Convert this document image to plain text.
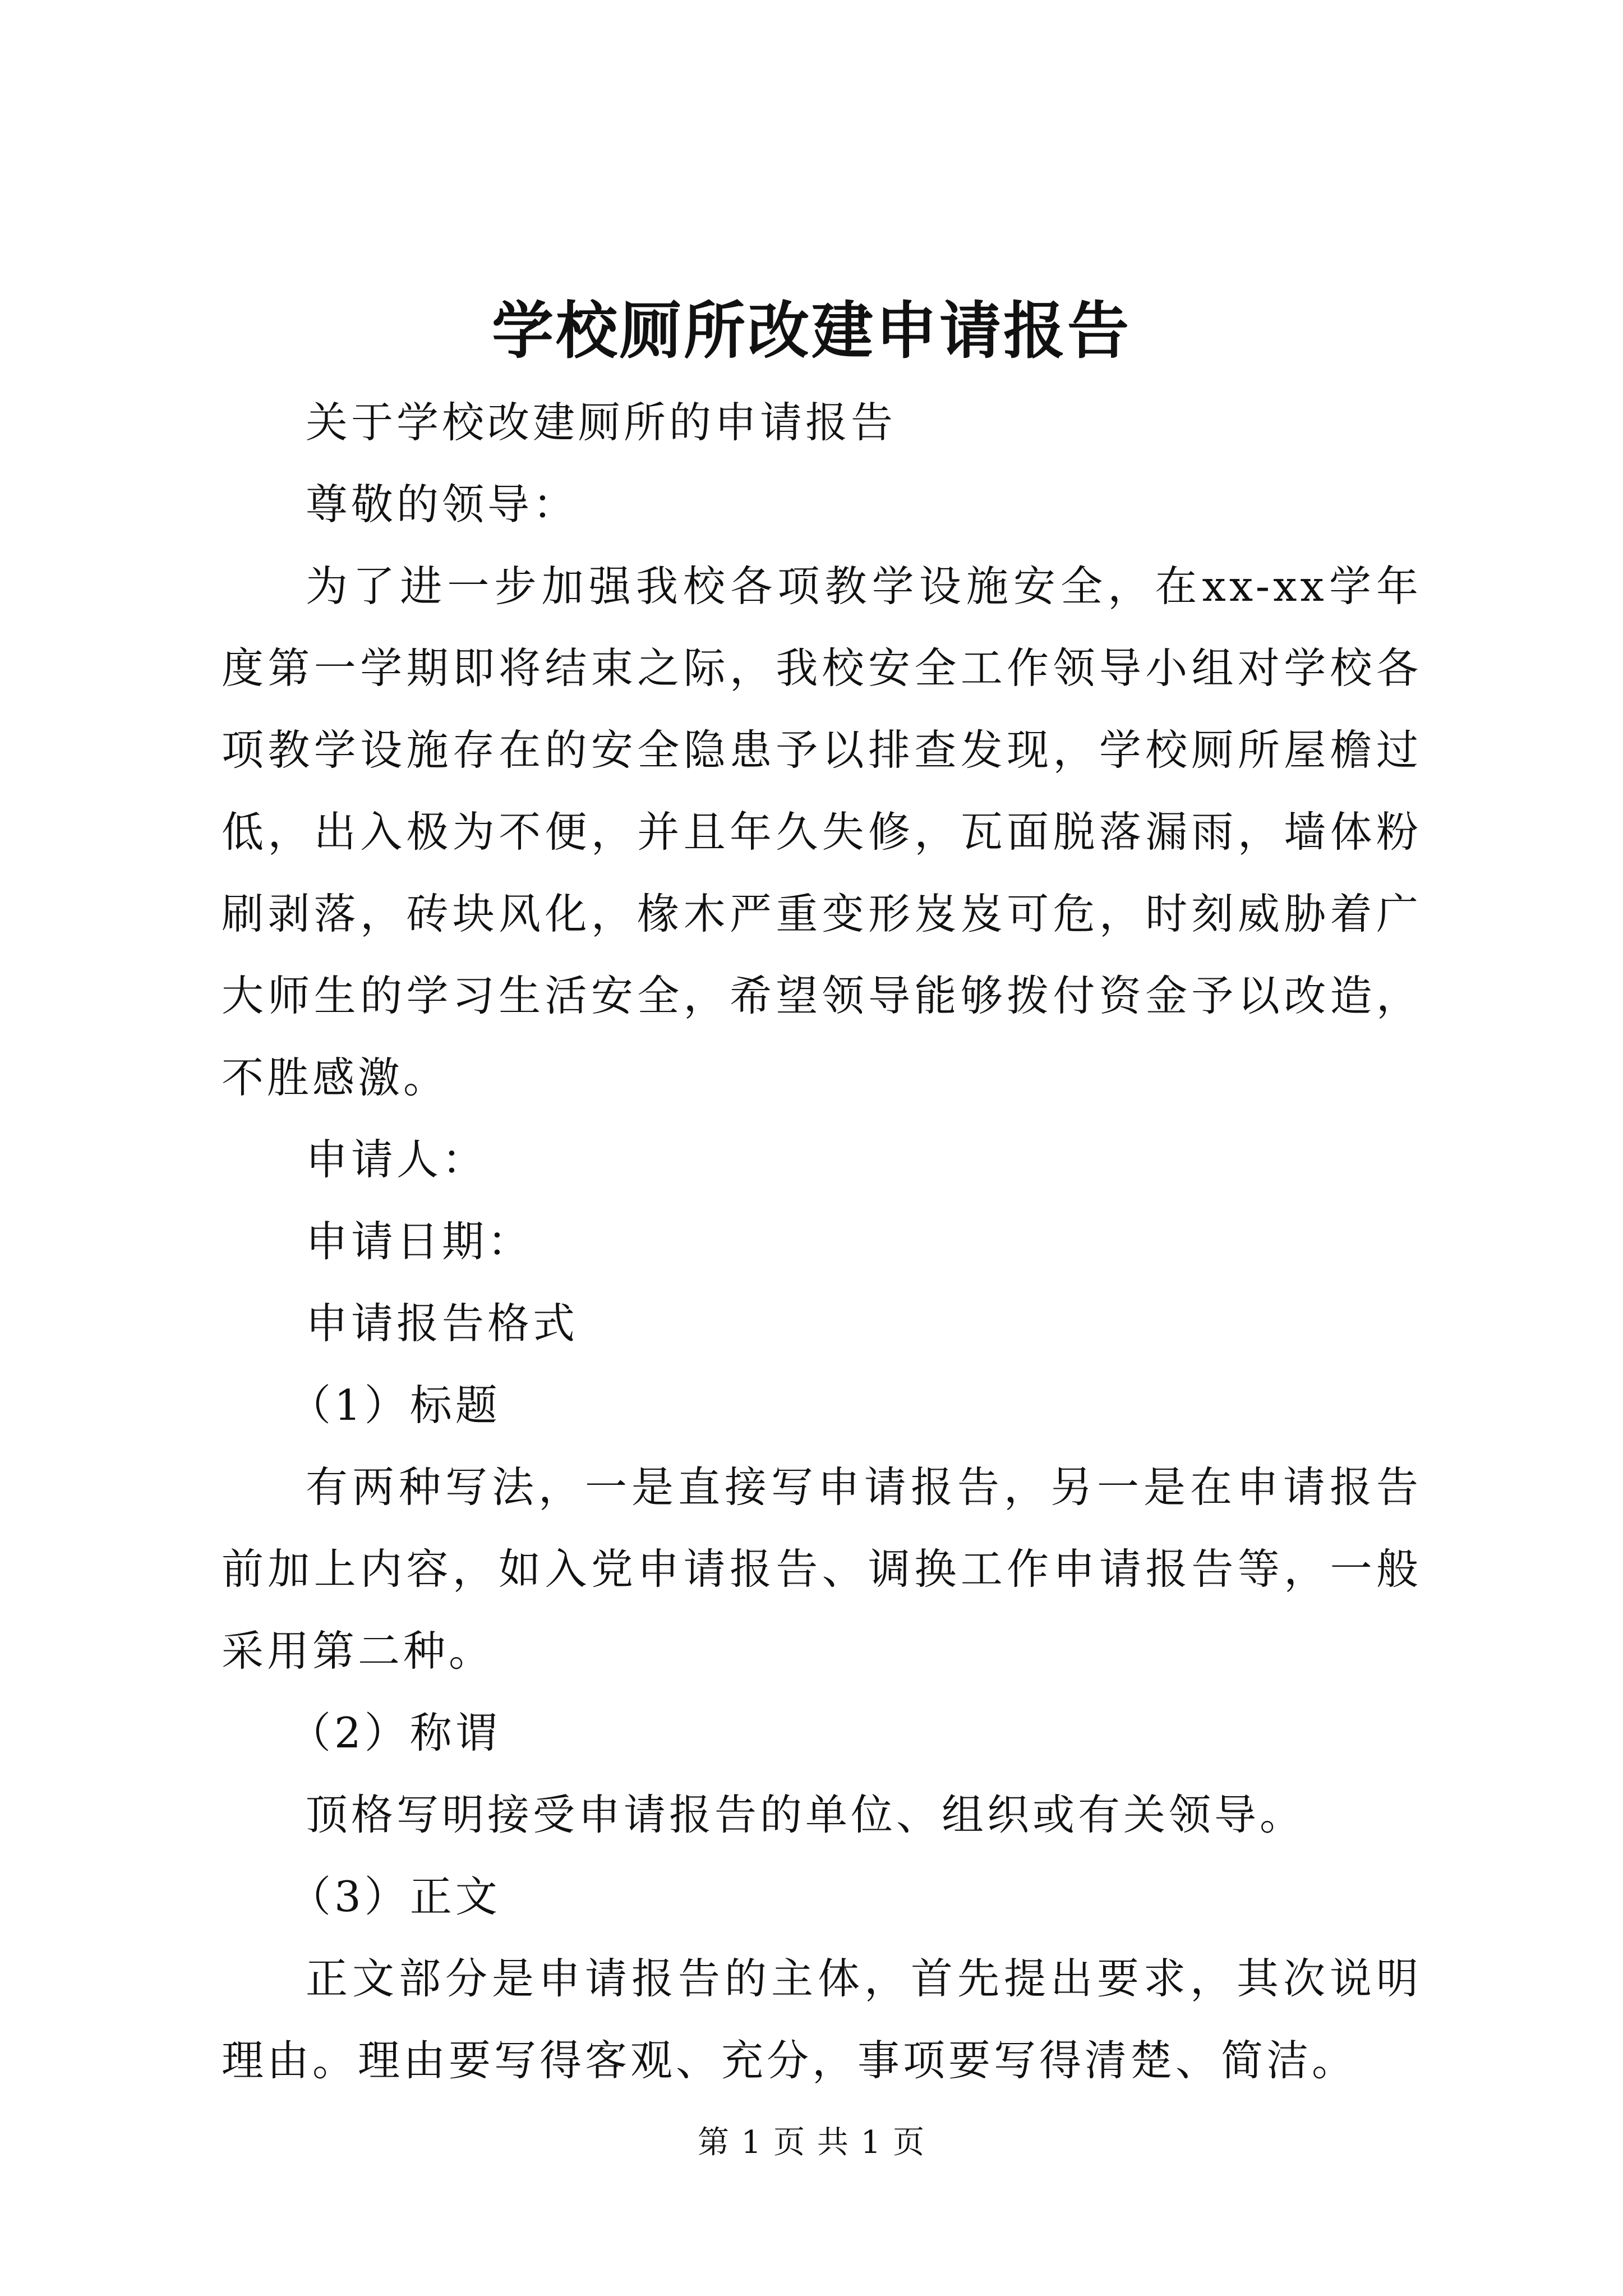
学校厕所改建申请报告

关于学校改建厕所的申请报告

尊敬的领导：

为了进一步加强我校各项教学设施安全，在xx-xx学年度第一学期即将结束之际，我校安全工作领导小组对学校各项教学设施存在的安全隐患予以排查发现，学校厕所屋檐过低，出入极为不便，并且年久失修，瓦面脱落漏雨，墙体粉刷剥落，砖块风化，椽木严重变形岌岌可危，时刻威胁着广大师生的学习生活安全，希望领导能够拨付资金予以改造，不胜感激。

申请人：

申请日期：

申请报告格式

（1）标题

有两种写法，一是直接写申请报告，另一是在申请报告前加上内容，如入党申请报告、调换工作申请报告等，一般采用第二种。

（2）称谓

顶格写明接受申请报告的单位、组织或有关领导。

（3）正文

正文部分是申请报告的主体，首先提出要求，其次说明理由。理由要写得客观、充分，事项要写得清楚、简洁。

第 1 页 共 1 页
